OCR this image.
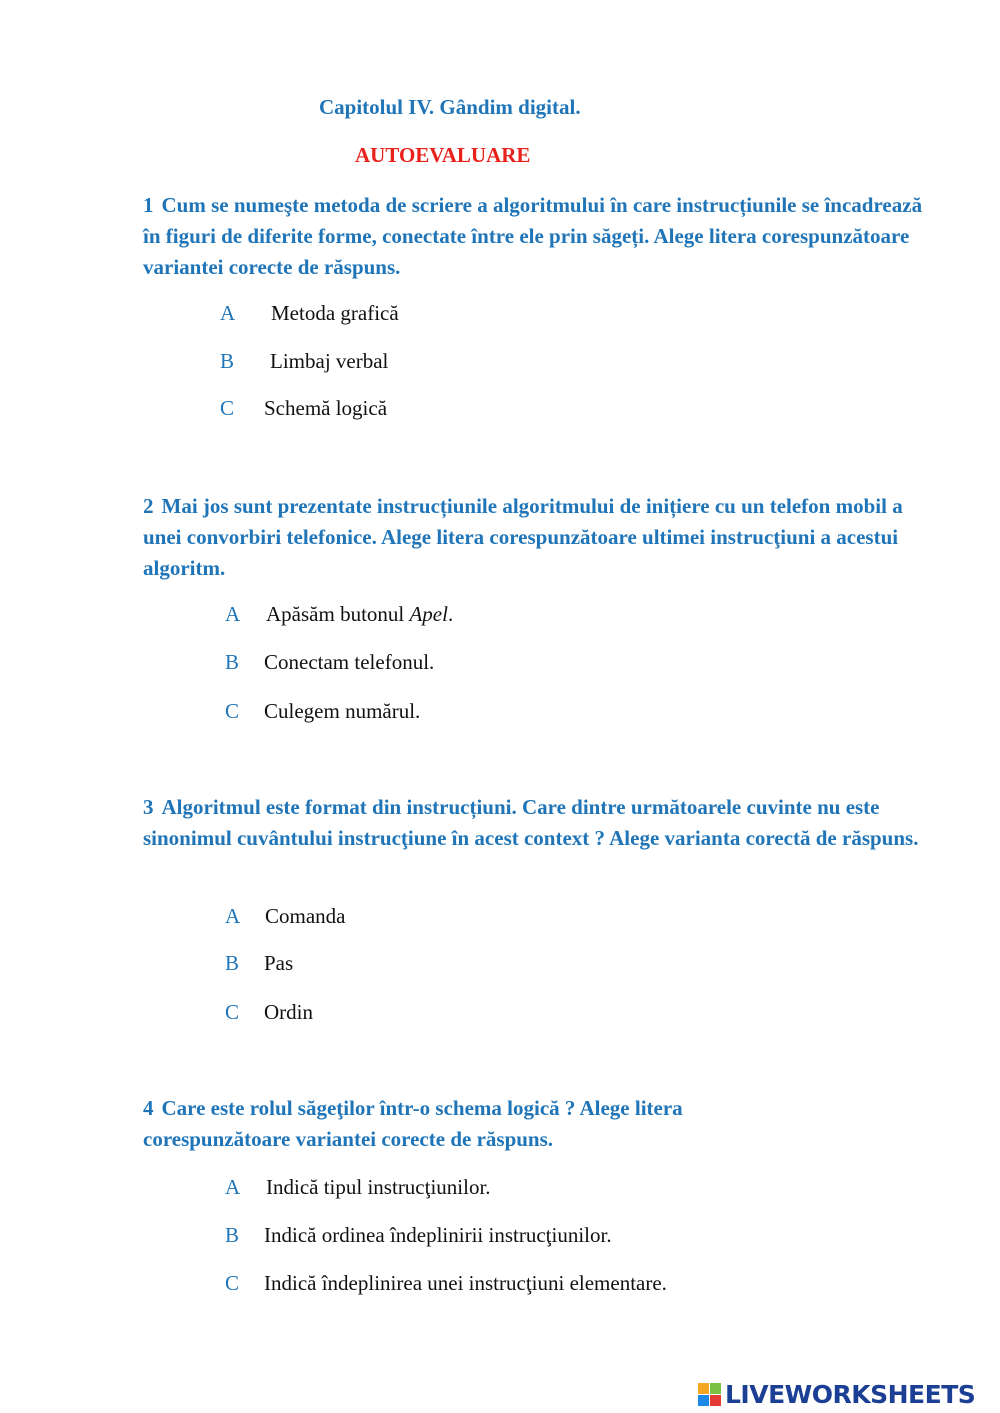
Capitolul IV. Gândim digital.
AUTOEVALUARE
1 Cum se numeşte metoda de scriere a algoritmului în care instrucțiunile se încadrează în figuri de diferite forme, conectate între ele prin săgeți. Alege litera corespunzătoare variantei corecte de răspuns.
A Metoda grafică
B Limbaj verbal
C Schemă logică
2 Mai jos sunt prezentate instrucțiunile algoritmului de inițiere cu un telefon mobil a unei convorbiri telefonice. Alege litera corespunzătoare ultimei instrucţiuni a acestui algoritm.
A Apăsăm butonul Apel.
B Conectam telefonul.
C Culegem numărul.
3 Algoritmul este format din instrucțiuni. Care dintre următoarele cuvinte nu este sinonimul cuvântului instrucţiune în acest context ? Alege varianta corectă de răspuns.
A Comanda
B Pas
C Ordin
4 Care este rolul săgeţilor într-o schema logică ? Alege litera corespunzătoare variantei corecte de răspuns.
A Indică tipul instrucţiunilor.
B Indică ordinea îndeplinirii instrucţiunilor.
C Indică îndeplinirea unei instrucţiuni elementare.
LIVEWORKSHEETS
